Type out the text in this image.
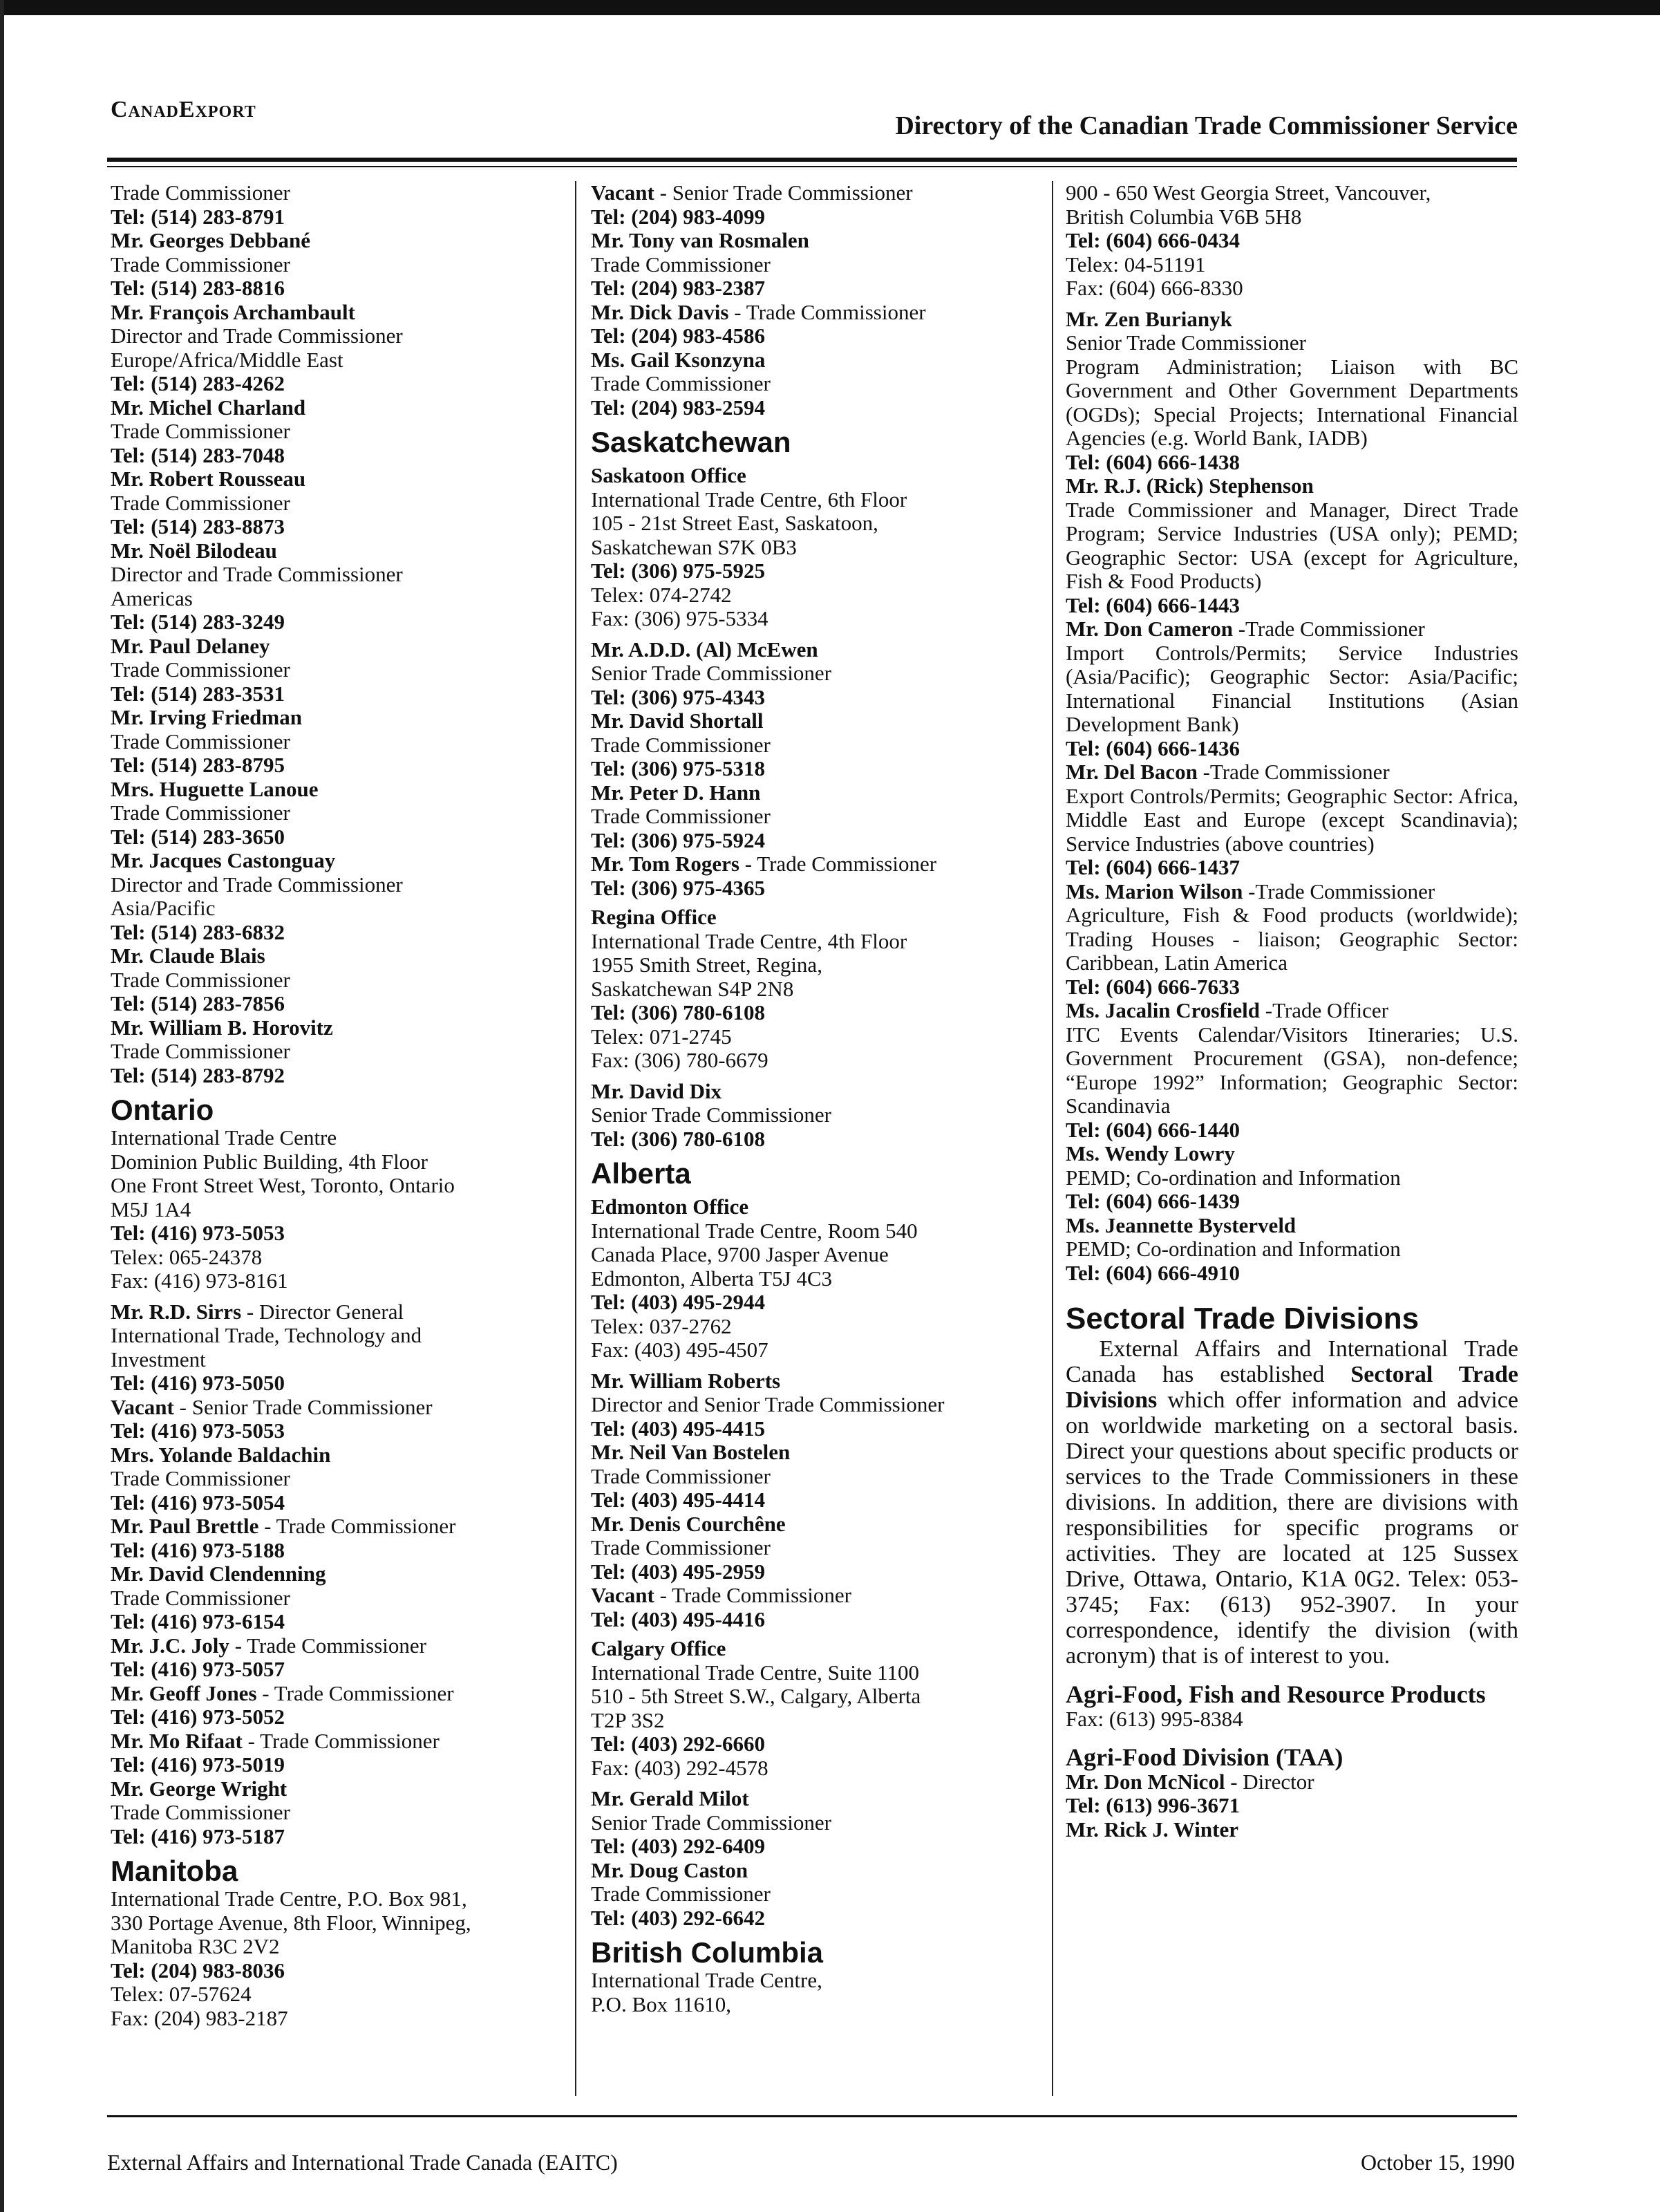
CanadExport
Directory of the Canadian Trade Commissioner Service
Trade Commissioner
Tel: (514) 283-8791
Mr. Georges Debbané
Trade Commissioner
Tel: (514) 283-8816
Mr. François Archambault
Director and Trade Commissioner
Europe/Africa/Middle East
Tel: (514) 283-4262
Mr. Michel Charland
Trade Commissioner
Tel: (514) 283-7048
Mr. Robert Rousseau
Trade Commissioner
Tel: (514) 283-8873
Mr. Noël Bilodeau
Director and Trade Commissioner
Americas
Tel: (514) 283-3249
Mr. Paul Delaney
Trade Commissioner
Tel: (514) 283-3531
Mr. Irving Friedman
Trade Commissioner
Tel: (514) 283-8795
Mrs. Huguette Lanoue
Trade Commissioner
Tel: (514) 283-3650
Mr. Jacques Castonguay
Director and Trade Commissioner
Asia/Pacific
Tel: (514) 283-6832
Mr. Claude Blais
Trade Commissioner
Tel: (514) 283-7856
Mr. William B. Horovitz
Trade Commissioner
Tel: (514) 283-8792
Ontario
International Trade Centre
Dominion Public Building, 4th Floor
One Front Street West, Toronto, Ontario
M5J 1A4
Tel: (416) 973-5053
Telex: 065-24378
Fax: (416) 973-8161
Mr. R.D. Sirrs - Director General
International Trade, Technology and
Investment
Tel: (416) 973-5050
Vacant - Senior Trade Commissioner
Tel: (416) 973-5053
Mrs. Yolande Baldachin
Trade Commissioner
Tel: (416) 973-5054
Mr. Paul Brettle - Trade Commissioner
Tel: (416) 973-5188
Mr. David Clendenning
Trade Commissioner
Tel: (416) 973-6154
Mr. J.C. Joly - Trade Commissioner
Tel: (416) 973-5057
Mr. Geoff Jones - Trade Commissioner
Tel: (416) 973-5052
Mr. Mo Rifaat - Trade Commissioner
Tel: (416) 973-5019
Mr. George Wright
Trade Commissioner
Tel: (416) 973-5187
Manitoba
International Trade Centre, P.O. Box 981,
330 Portage Avenue, 8th Floor, Winnipeg,
Manitoba R3C 2V2
Tel: (204) 983-8036
Telex: 07-57624
Fax: (204) 983-2187
Vacant - Senior Trade Commissioner
Tel: (204) 983-4099
Mr. Tony van Rosmalen
Trade Commissioner
Tel: (204) 983-2387
Mr. Dick Davis - Trade Commissioner
Tel: (204) 983-4586
Ms. Gail Ksonzyna
Trade Commissioner
Tel: (204) 983-2594
Saskatchewan
Saskatoon Office
International Trade Centre, 6th Floor
105 - 21st Street East, Saskatoon,
Saskatchewan S7K 0B3
Tel: (306) 975-5925
Telex: 074-2742
Fax: (306) 975-5334
Mr. A.D.D. (Al) McEwen
Senior Trade Commissioner
Tel: (306) 975-4343
Mr. David Shortall
Trade Commissioner
Tel: (306) 975-5318
Mr. Peter D. Hann
Trade Commissioner
Tel: (306) 975-5924
Mr. Tom Rogers - Trade Commissioner
Tel: (306) 975-4365
Regina Office
International Trade Centre, 4th Floor
1955 Smith Street, Regina,
Saskatchewan S4P 2N8
Tel: (306) 780-6108
Telex: 071-2745
Fax: (306) 780-6679
Mr. David Dix
Senior Trade Commissioner
Tel: (306) 780-6108
Alberta
Edmonton Office
International Trade Centre, Room 540
Canada Place, 9700 Jasper Avenue
Edmonton, Alberta T5J 4C3
Tel: (403) 495-2944
Telex: 037-2762
Fax: (403) 495-4507
Mr. William Roberts
Director and Senior Trade Commissioner
Tel: (403) 495-4415
Mr. Neil Van Bostelen
Trade Commissioner
Tel: (403) 495-4414
Mr. Denis Courchêne
Trade Commissioner
Tel: (403) 495-2959
Vacant - Trade Commissioner
Tel: (403) 495-4416
Calgary Office
International Trade Centre, Suite 1100
510 - 5th Street S.W., Calgary, Alberta
T2P 3S2
Tel: (403) 292-6660
Fax: (403) 292-4578
Mr. Gerald Milot
Senior Trade Commissioner
Tel: (403) 292-6409
Mr. Doug Caston
Trade Commissioner
Tel: (403) 292-6642
British Columbia
International Trade Centre,
P.O. Box 11610,
900 - 650 West Georgia Street, Vancouver,
British Columbia V6B 5H8
Tel: (604) 666-0434
Telex: 04-51191
Fax: (604) 666-8330
Mr. Zen Burianyk
Senior Trade Commissioner
Program Administration; Liaison with BC Government and Other Government Departments (OGDs); Special Projects; International Financial Agencies (e.g. World Bank, IADB)
Tel: (604) 666-1438
Mr. R.J. (Rick) Stephenson
Trade Commissioner and Manager, Direct Trade Program; Service Industries (USA only); PEMD; Geographic Sector: USA (except for Agriculture, Fish & Food Products)
Tel: (604) 666-1443
Mr. Don Cameron -Trade Commissioner
Import Controls/Permits; Service Industries (Asia/Pacific); Geographic Sector: Asia/Pacific; International Financial Institutions (Asian Development Bank)
Tel: (604) 666-1436
Mr. Del Bacon -Trade Commissioner
Export Controls/Permits; Geographic Sector: Africa, Middle East and Europe (except Scandinavia); Service Industries (above countries)
Tel: (604) 666-1437
Ms. Marion Wilson -Trade Commissioner
Agriculture, Fish & Food products (worldwide); Trading Houses - liaison; Geographic Sector: Caribbean, Latin America
Tel: (604) 666-7633
Ms. Jacalin Crosfield -Trade Officer
ITC Events Calendar/Visitors Itineraries; U.S. Government Procurement (GSA), non-defence; “Europe 1992” Information; Geographic Sector: Scandinavia
Tel: (604) 666-1440
Ms. Wendy Lowry
PEMD; Co-ordination and Information
Tel: (604) 666-1439
Ms. Jeannette Bysterveld
PEMD; Co-ordination and Information
Tel: (604) 666-4910
Sectoral Trade Divisions
External Affairs and International Trade Canada has established Sectoral Trade Divisions which offer information and advice on worldwide marketing on a sectoral basis. Direct your questions about specific products or services to the Trade Commissioners in these divisions. In addition, there are divisions with responsibilities for specific programs or activities. They are located at 125 Sussex Drive, Ottawa, Ontario, K1A 0G2. Telex: 053-3745; Fax: (613) 952-3907. In your correspondence, identify the division (with acronym) that is of interest to you.
Agri-Food, Fish and Resource Products
Fax: (613) 995-8384
Agri-Food Division (TAA)
Mr. Don McNicol - Director
Tel: (613) 996-3671
Mr. Rick J. Winter
External Affairs and International Trade Canada (EAITC)	October 15, 1990
